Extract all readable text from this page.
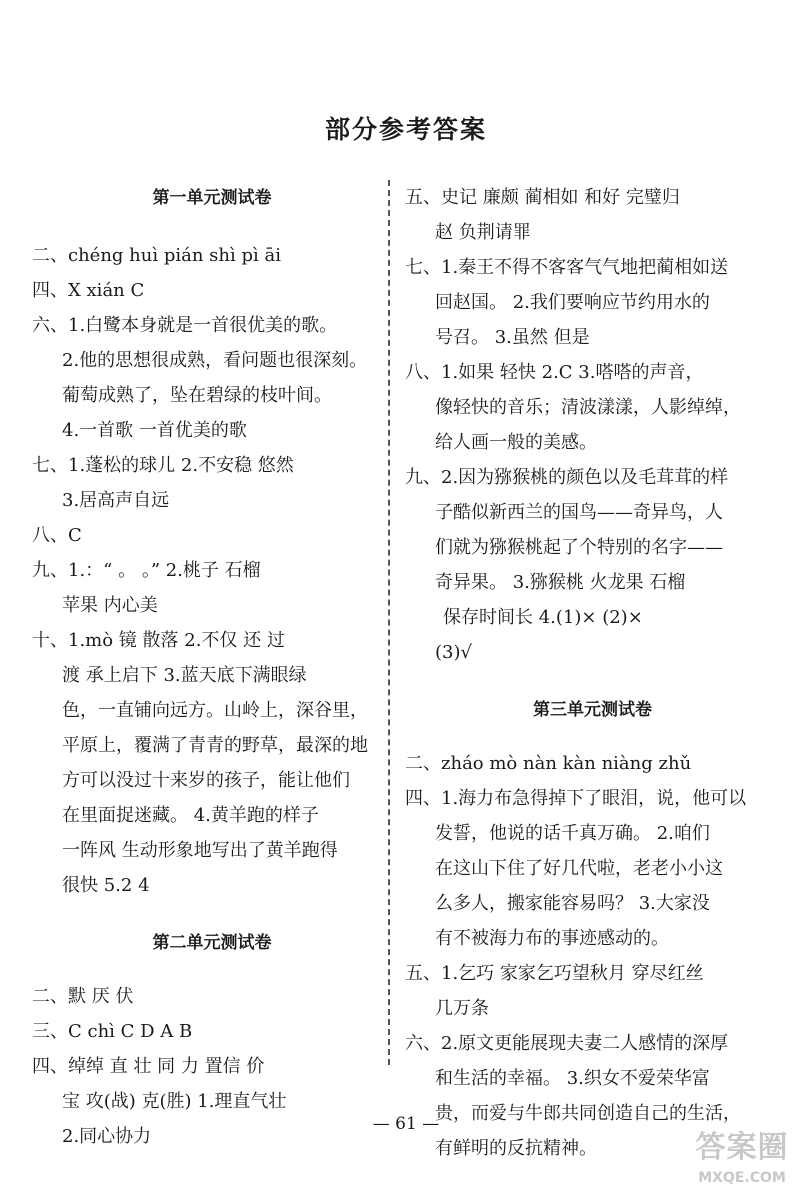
部分参考答案
第一单元测试卷
二、chéng huì pián shì pì āi
四、X xián C
六、1.白鹭本身就是一首很优美的歌。
2.他的思想很成熟，看问题也很深刻。
葡萄成熟了，坠在碧绿的枝叶间。
4.一首歌 一首优美的歌
七、1.蓬松的球儿 2.不安稳 悠然
3.居高声自远
八、C
九、1.：“ 。 。” 2.桃子 石榴
苹果 内心美
十、1.mò 镜 散落 2.不仅 还 过
渡 承上启下 3.蓝天底下满眼绿
色，一直铺向远方。山岭上，深谷里，
平原上，覆满了青青的野草，最深的地
方可以没过十来岁的孩子，能让他们
在里面捉迷藏。 4.黄羊跑的样子
一阵风 生动形象地写出了黄羊跑得
很快 5.2 4
第二单元测试卷
二、默 厌 伏
三、C chì C D A B
四、绰绰 直 壮 同 力 置信 价
宝 攻(战) 克(胜) 1.理直气壮
2.同心协力
五、史记 廉颇 蔺相如 和好 完璧归
赵 负荆请罪
七、1.秦王不得不客客气气地把蔺相如送
回赵国。 2.我们要响应节约用水的
号召。 3.虽然 但是
八、1.如果 轻快 2.C 3.嗒嗒的声音，
像轻快的音乐；清波漾漾，人影绰绰，
给人画一般的美感。
九、2.因为猕猴桃的颜色以及毛茸茸的样
子酷似新西兰的国鸟——奇异鸟，人
们就为猕猴桃起了个特别的名字——
奇异果。 3.猕猴桃 火龙果 石榴
保存时间长 4.(1)× (2)×
(3)√
第三单元测试卷
二、zháo mò nàn kàn niàng zhǔ
四、1.海力布急得掉下了眼泪，说，他可以
发誓，他说的话千真万确。 2.咱们
在这山下住了好几代啦，老老小小这
么多人，搬家能容易吗？ 3.大家没
有不被海力布的事迹感动的。
五、1.乞巧 家家乞巧望秋月 穿尽红丝
几万条
六、2.原文更能展现夫妻二人感情的深厚
和生活的幸福。 3.织女不爱荣华富
贵，而爱与牛郎共同创造自己的生活，
有鲜明的反抗精神。
— 61 —
答案圈
MXQE.COM
